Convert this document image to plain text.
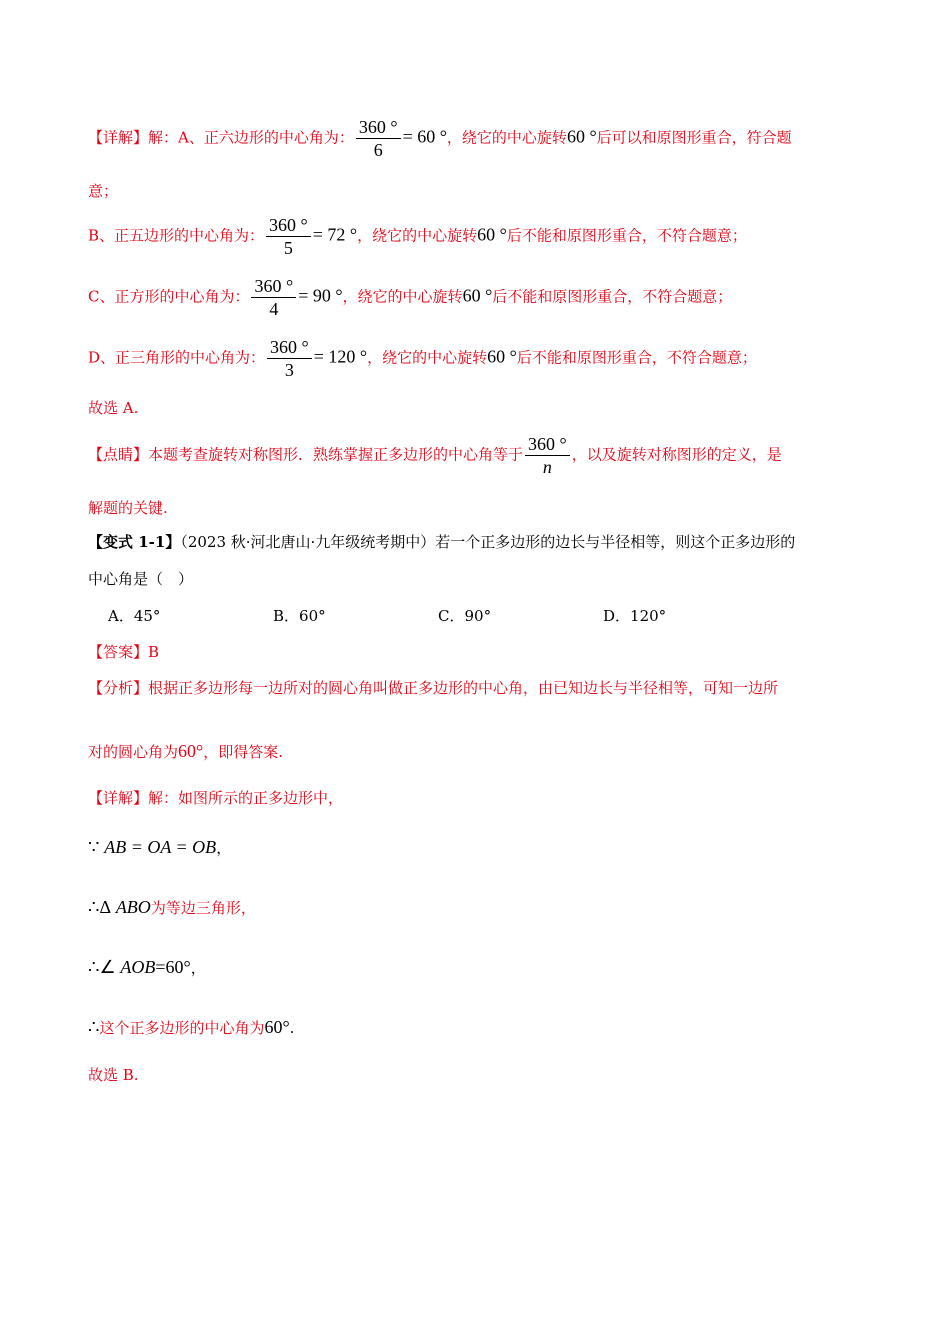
【详解】解：A、正六边形的中心角为： $\frac{360 ^\circ}{6} = 60$ °，绕它的中心旋转60 °后可以和原图形重合，符合题
意；
B、正五边形的中心角为： $\frac{360 ^\circ}{5} = 72$ °，绕它的中心旋转60 °后不能和原图形重合，不符合题意；
C、正方形的中心角为： $\frac{360 ^\circ}{4} = 90$ °，绕它的中心旋转60 °后不能和原图形重合，不符合题意；
D、正三角形的中心角为： $\frac{360 ^\circ}{3} = 120$ °，绕它的中心旋转60 °后不能和原图形重合，不符合题意；
故选 A.
【点睛】本题考查旋转对称图形．熟练掌握正多边形的中心角等于 $\frac{360 ^\circ}{n}$ ，以及旋转对称图形的定义，是
解题的关键.
【变式 1-1】（2023 秋·河北唐山·九年级统考期中）若一个正多边形的边长与半径相等，则这个正多边形的
中心角是（　）
A．45°	B．60°	C．90°	D．120°
【答案】B
【分析】根据正多边形每一边所对的圆心角叫做正多边形的中心角，由已知边长与半径相等，可知一边所
对的圆心角为60°，即得答案.
【详解】解：如图所示的正多边形中，
∵ AB = OA = OB，
∴Δ ABO为等边三角形，
∴∠ AOB=60°，
∴这个正多边形的中心角为60°.
故选 B.
